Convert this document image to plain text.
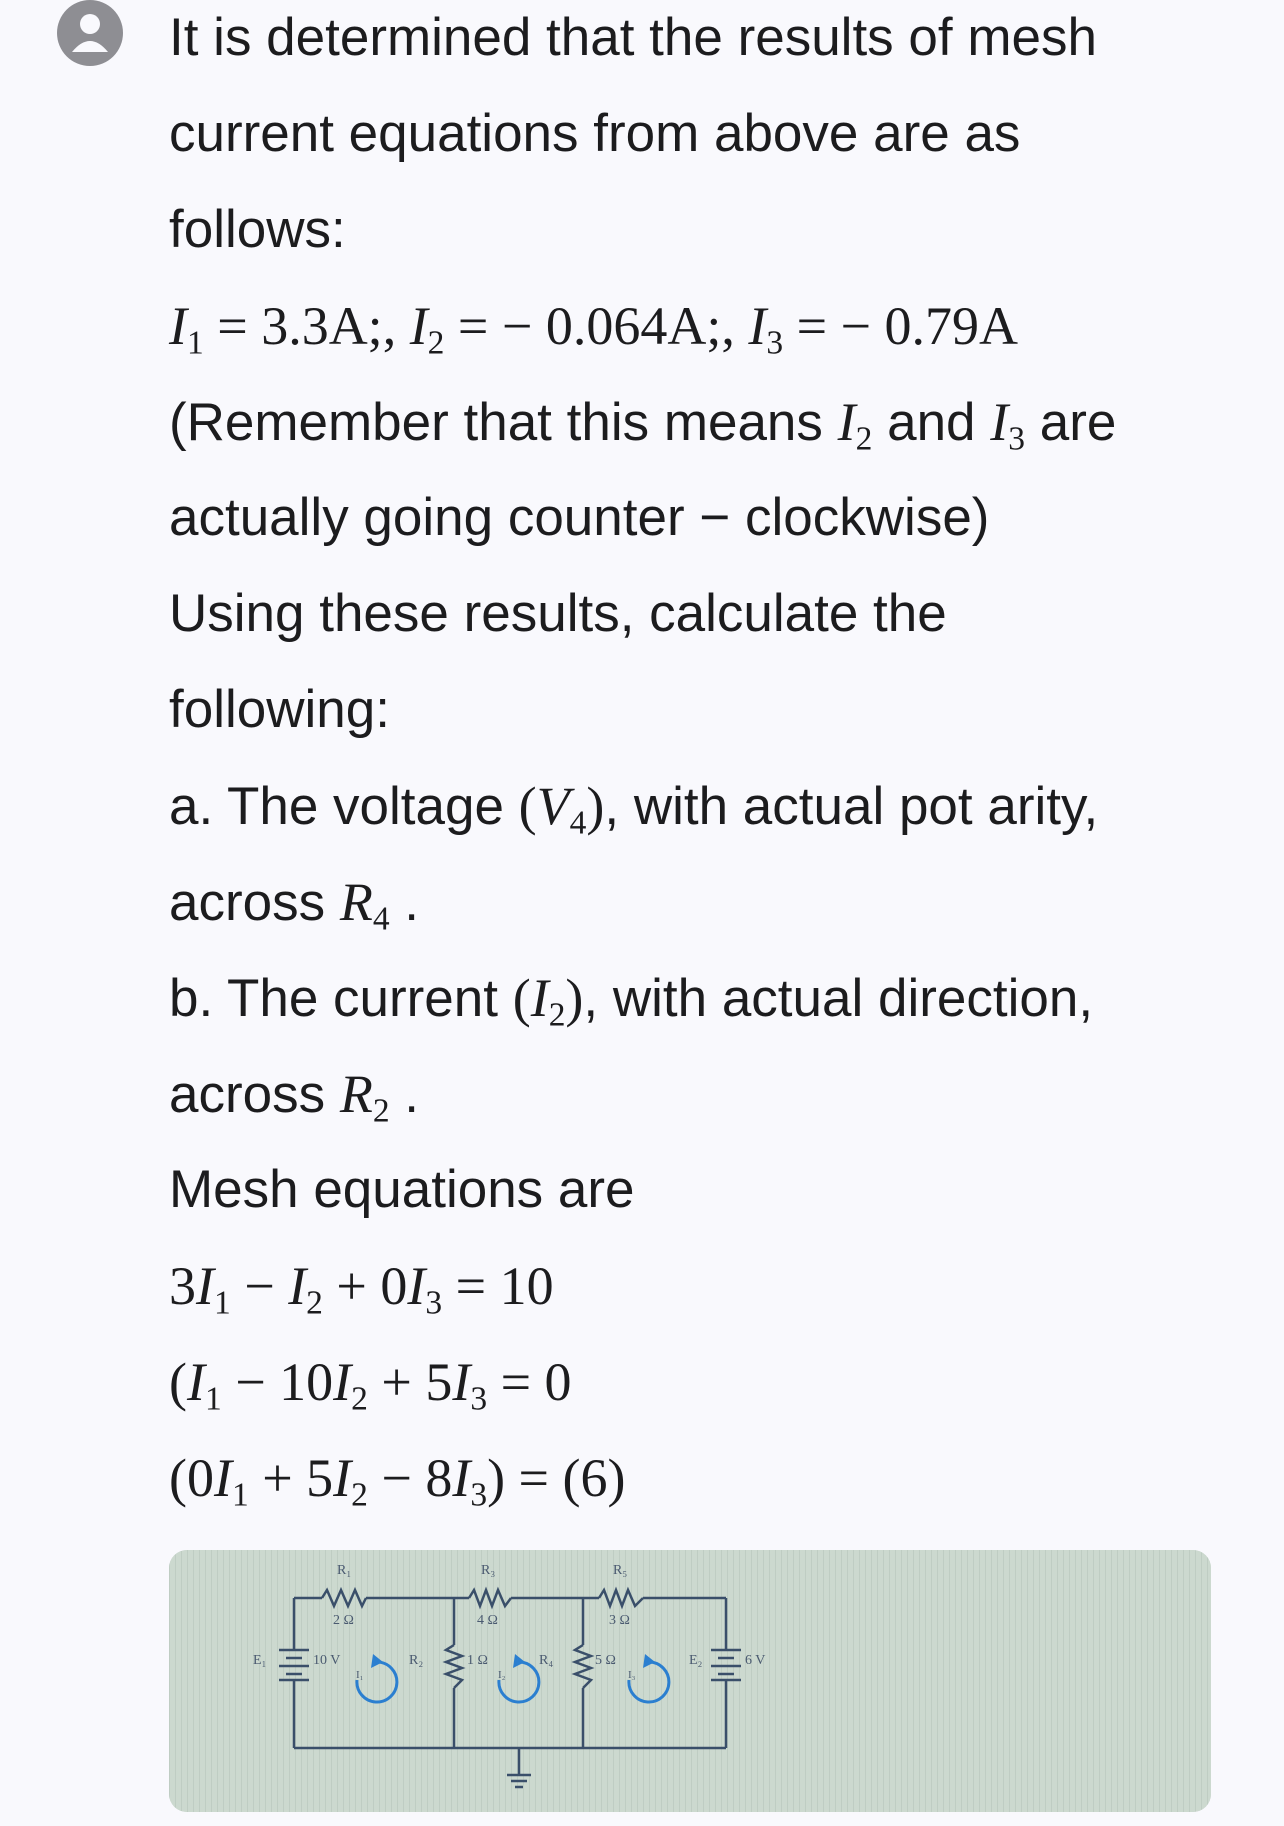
It is determined that the results of mesh
current equations from above are as
follows:
$I_1 = 3.3A$;, $I_2$ = − 0.064A;, $I_3$ = − 0.79A
(Remember that this means $I_2$ and $I_3$ are
actually going counter − clockwise)
Using these results, calculate the
following:
a. The voltage $(V_4)$, with actual pot arity,
across $R_4$ .
b. The current $(I_2)$, with actual direction,
across $R_2$ .
Mesh equations are
$3I_1 - I_2 + 0I_3 = 10$
($I_1 - 10I_2 + 5I_3 = 0$
$(0I_1 + 5I_2 - 8I_3) = (6)$
R₁
2 Ω
R₃
4 Ω
R₅
3 Ω
R₂	1 Ω	R₄	5 Ω
E₁	10 V	E₂	6 V
I₁	I₂	I₃
